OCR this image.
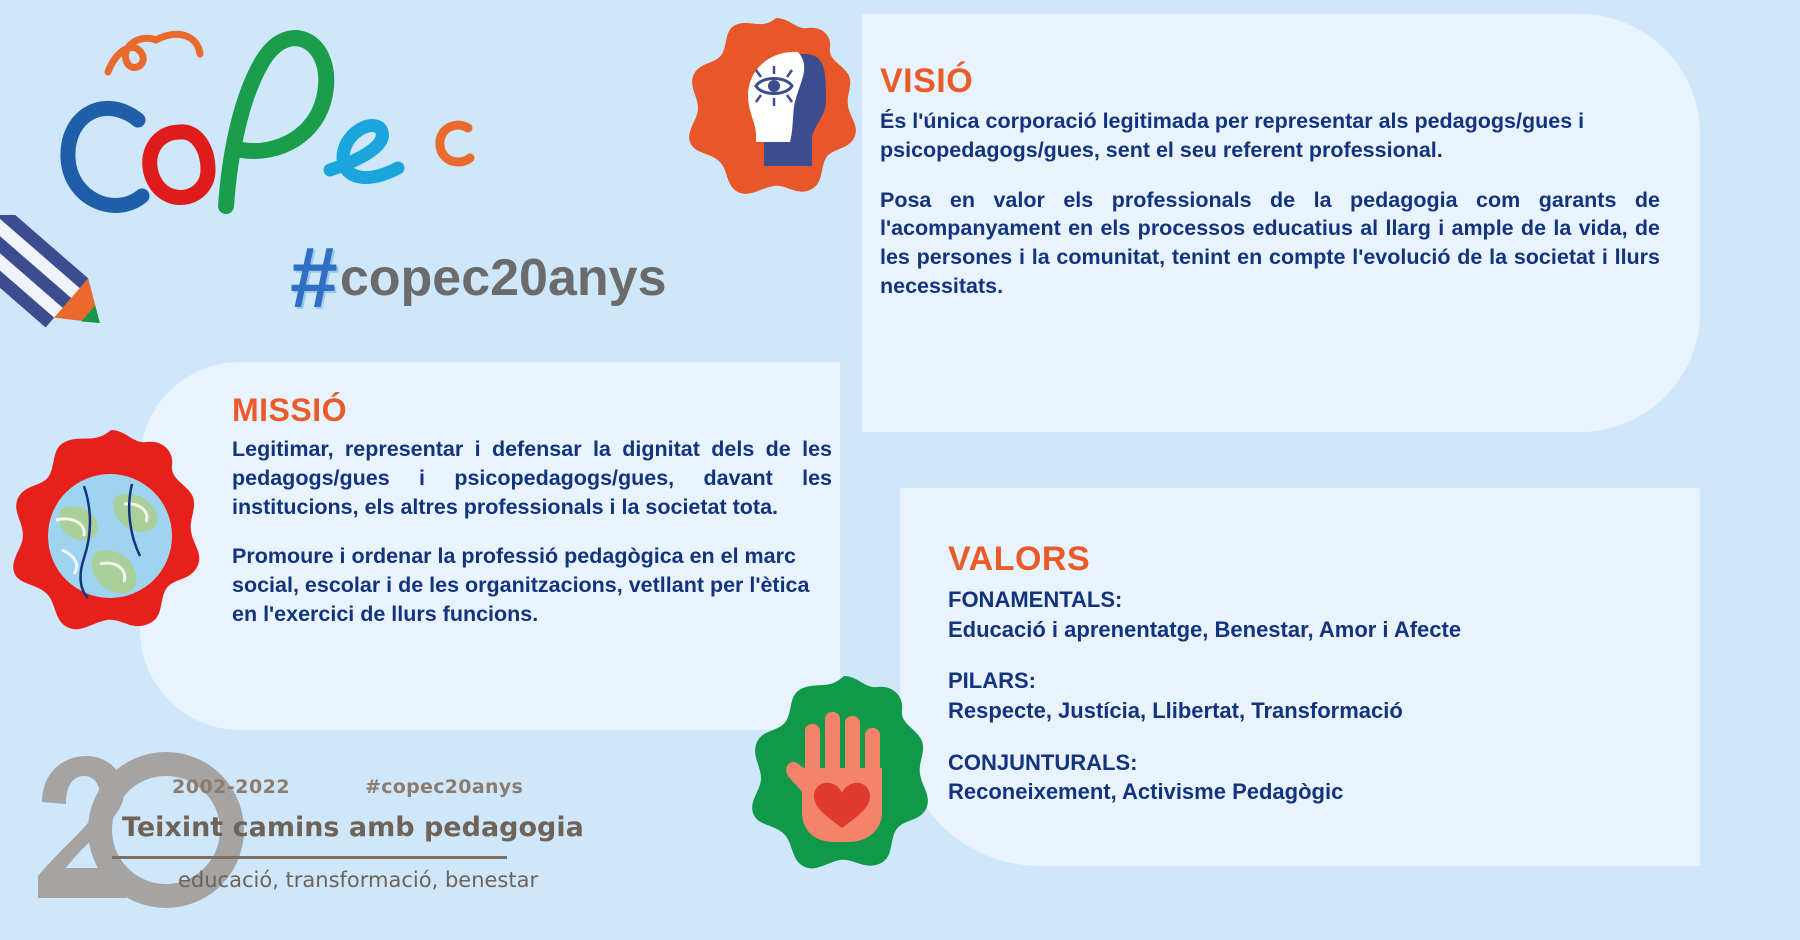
# copec20anys
VISIÓ

És l'única corporació legitimada per representar als pedagogs/gues i psicopedagogs/gues, sent el seu referent professional.

Posa en valor els professionals de la pedagogia com garants de l'acompanyament en els processos educatius al llarg i ample de la vida, de les persones i la comunitat, tenint en compte l'evolució de la societat i llurs necessitats.

MISSIÓ

Legitimar, representar i defensar la dignitat dels de les pedagogs/gues i psicopedagogs/gues, davant les institucions, els altres professionals i la societat tota.

Promoure i ordenar la professió pedagògica en el marc social, escolar i de les organitzacions, vetllant per l'ètica en l'exercici de llurs funcions.

VALORS

FONAMENTALS:

Educació i aprenentatge, Benestar, Amor i Afecte

PILARS:

Respecte, Justícia, Llibertat, Transformació

CONJUNTURALS:

Reconeixement, Activisme Pedagògic

2002-2022	#copec20anys
Teixint camins amb pedagogia
educació, transformació, benestar
